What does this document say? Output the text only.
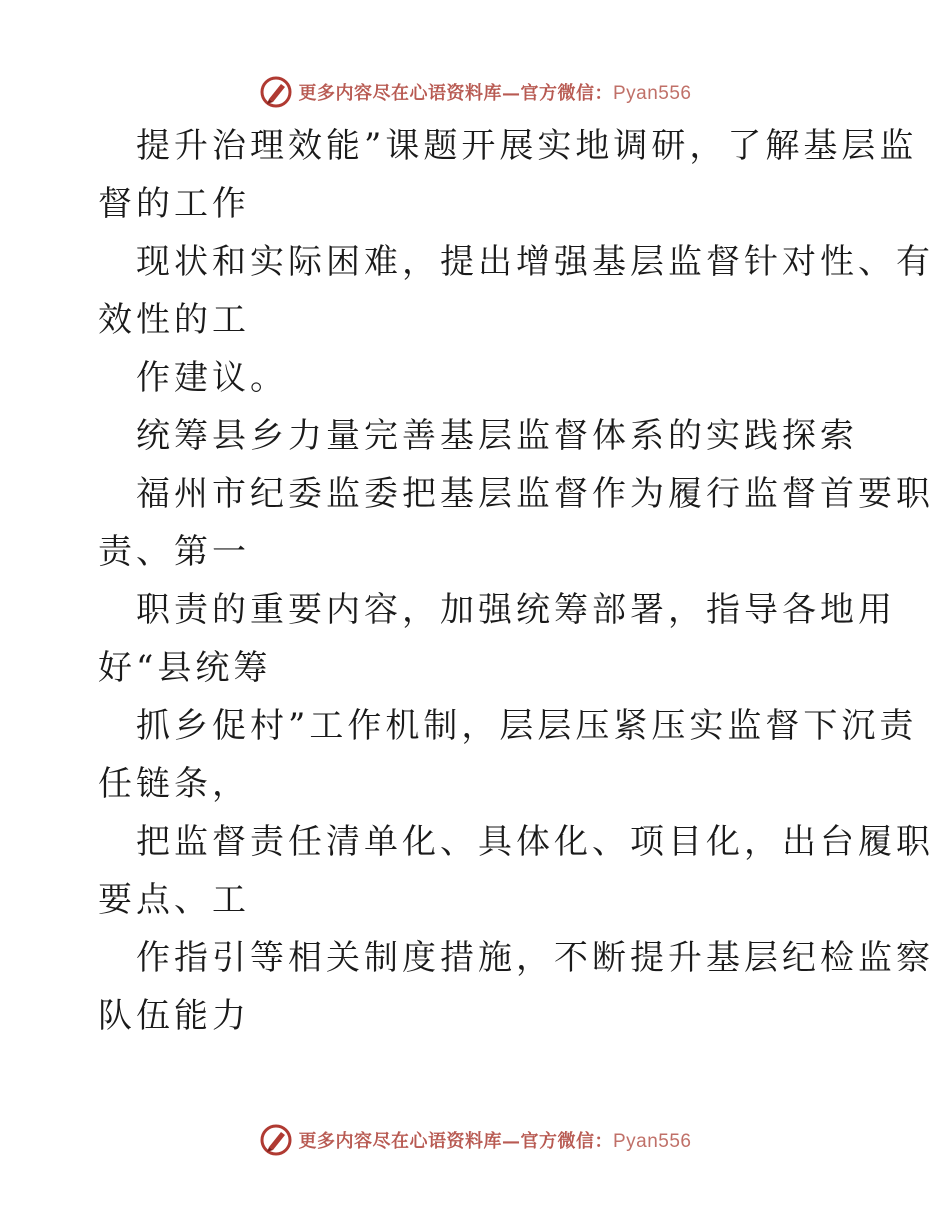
更多内容尽在心语资料库—官方微信：Pyan556
提升治理效能”课题开展实地调研，了解基层监
督的工作
现状和实际困难，提出增强基层监督针对性、有
效性的工
作建议。
统筹县乡力量完善基层监督体系的实践探索
福州市纪委监委把基层监督作为履行监督首要职
责、第一
职责的重要内容，加强统筹部署，指导各地用
好“县统筹
抓乡促村”工作机制，层层压紧压实监督下沉责
任链条，
把监督责任清单化、具体化、项目化，出台履职
要点、工
作指引等相关制度措施，不断提升基层纪检监察
队伍能力
更多内容尽在心语资料库—官方微信：Pyan556
